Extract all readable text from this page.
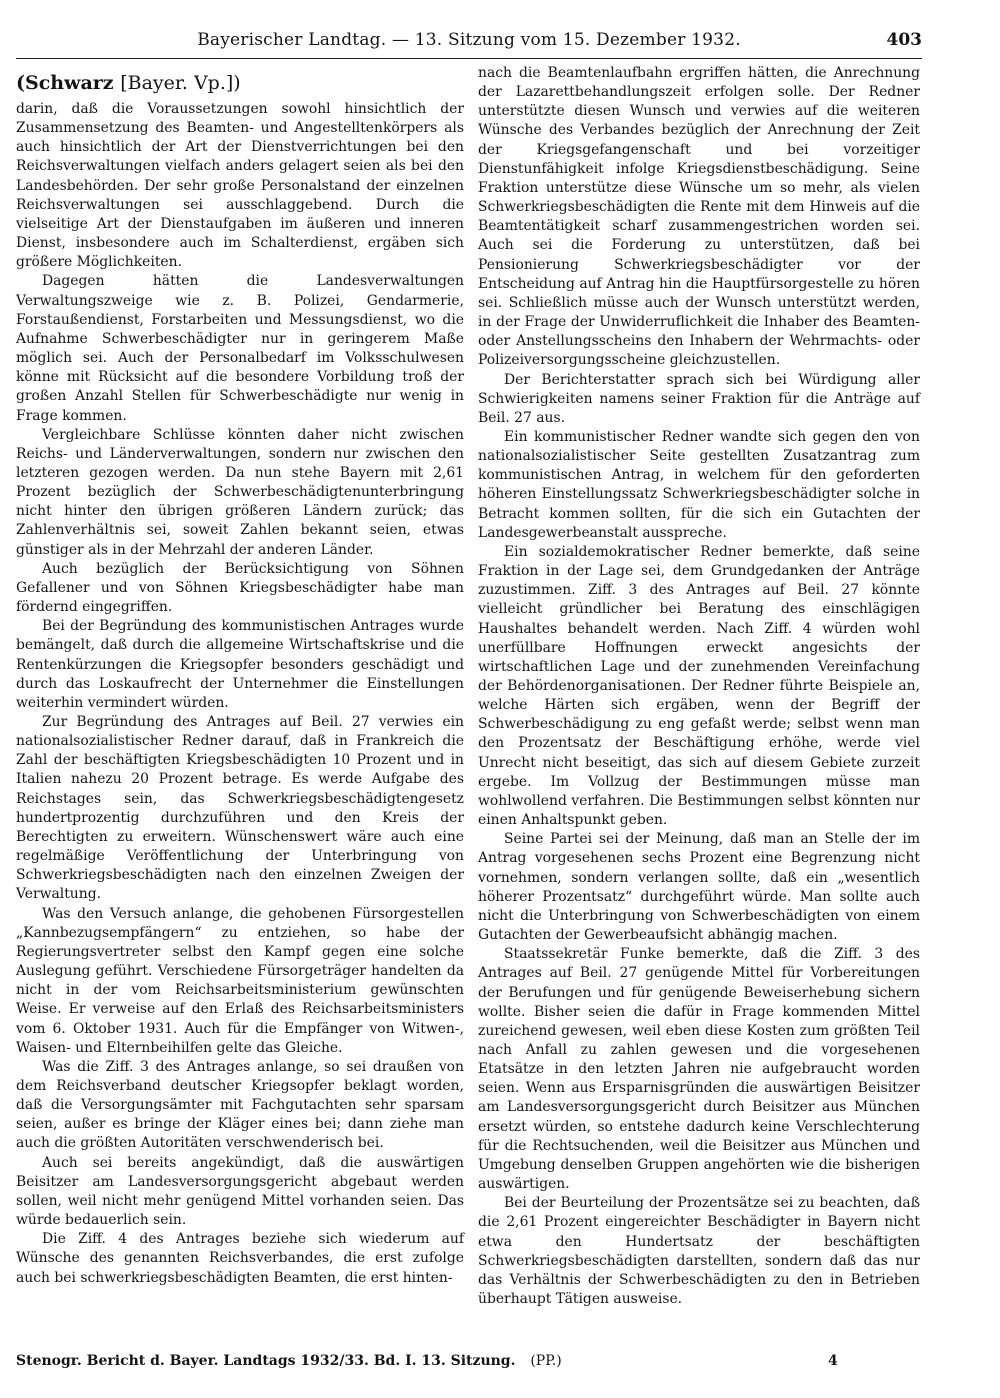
Bayerischer Landtag. — 13. Sitzung vom 15. Dezember 1932.	403
(Schwarz [Bayer. Vp.])

darin, daß die Voraussetzungen sowohl hinsichtlich der Zusammensetzung des Beamten- und Angestelltenkörpers als auch hinsichtlich der Art der Dienstverrichtungen bei den Reichsverwaltungen vielfach anders gelagert seien als bei den Landesbehörden. Der sehr große Personalstand der einzelnen Reichsverwaltungen sei ausschlaggebend. Durch die vielseitige Art der Dienstaufgaben im äußeren und inneren Dienst, insbesondere auch im Schalterdienst, ergäben sich größere Möglichkeiten.

Dagegen hätten die Landesverwaltungen Verwaltungszweige wie z. B. Polizei, Gendarmerie, Forstaußendienst, Forstarbeiten und Messungsdienst, wo die Aufnahme Schwerbeschädigter nur in geringerem Maße möglich sei. Auch der Personalbedarf im Volksschulwesen könne mit Rücksicht auf die besondere Vorbildung troß der großen Anzahl Stellen für Schwerbeschädigte nur wenig in Frage kommen.

Vergleichbare Schlüsse könnten daher nicht zwischen Reichs- und Länderverwaltungen, sondern nur zwischen den letzteren gezogen werden. Da nun stehe Bayern mit 2,61 Prozent bezüglich der Schwerbeschädigtenunterbringung nicht hinter den übrigen größeren Ländern zurück; das Zahlenverhältnis sei, soweit Zahlen bekannt seien, etwas günstiger als in der Mehrzahl der anderen Länder.

Auch bezüglich der Berücksichtigung von Söhnen Gefallener und von Söhnen Kriegsbeschädigter habe man fördernd eingegriffen.

Bei der Begründung des kommunistischen Antrages wurde bemängelt, daß durch die allgemeine Wirtschaftskrise und die Rentenkürzungen die Kriegsopfer besonders geschädigt und durch das Loskaufrecht der Unternehmer die Einstellungen weiterhin vermindert würden.

Zur Begründung des Antrages auf Beil. 27 verwies ein nationalsozialistischer Redner darauf, daß in Frankreich die Zahl der beschäftigten Kriegsbeschädigten 10 Prozent und in Italien nahezu 20 Prozent betrage. Es werde Aufgabe des Reichstages sein, das Schwerkriegsbeschädigtengesetz hundertprozentig durchzuführen und den Kreis der Berechtigten zu erweitern. Wünschenswert wäre auch eine regelmäßige Veröffentlichung der Unterbringung von Schwerkriegsbeschädigten nach den einzelnen Zweigen der Verwaltung.

Was den Versuch anlange, die gehobenen Fürsorgestellen „Kannbezugsempfängern“ zu entziehen, so habe der Regierungsvertreter selbst den Kampf gegen eine solche Auslegung geführt. Verschiedene Fürsorgeträger handelten da nicht in der vom Reichsarbeitsministerium gewünschten Weise. Er verweise auf den Erlaß des Reichsarbeitsministers vom 6. Oktober 1931. Auch für die Empfänger von Witwen-, Waisen- und Elternbeihilfen gelte das Gleiche.

Was die Ziff. 3 des Antrages anlange, so sei draußen von dem Reichsverband deutscher Kriegsopfer beklagt worden, daß die Versorgungsämter mit Fachgutachten sehr sparsam seien, außer es bringe der Kläger eines bei; dann ziehe man auch die größten Autoritäten verschwenderisch bei.

Auch sei bereits angekündigt, daß die auswärtigen Beisitzer am Landesversorgungsgericht abgebaut werden sollen, weil nicht mehr genügend Mittel vorhanden seien. Das würde bedauerlich sein.

Die Ziff. 4 des Antrages beziehe sich wiederum auf Wünsche des genannten Reichsverbandes, die erst zufolge auch bei schwerkriegsbeschädigten Beamten, die erst hinten-

nach die Beamtenlaufbahn ergriffen hätten, die Anrechnung der Lazarettbehandlungszeit erfolgen solle. Der Redner unterstützte diesen Wunsch und verwies auf die weiteren Wünsche des Verbandes bezüglich der Anrechnung der Zeit der Kriegsgefangenschaft und bei vorzeitiger Dienstunfähigkeit infolge Kriegsdienstbeschädigung. Seine Fraktion unterstütze diese Wünsche um so mehr, als vielen Schwerkriegsbeschädigten die Rente mit dem Hinweis auf die Beamtentätigkeit scharf zusammengestrichen worden sei. Auch sei die Forderung zu unterstützen, daß bei Pensionierung Schwerkriegsbeschädigter vor der Entscheidung auf Antrag hin die Hauptfürsorgestelle zu hören sei. Schließlich müsse auch der Wunsch unterstützt werden, in der Frage der Unwiderruflichkeit die Inhaber des Beamten- oder Anstellungsscheins den Inhabern der Wehrmachts- oder Polizeiversorgungsscheine gleichzustellen.

Der Berichterstatter sprach sich bei Würdigung aller Schwierigkeiten namens seiner Fraktion für die Anträge auf Beil. 27 aus.

Ein kommunistischer Redner wandte sich gegen den von nationalsozialistischer Seite gestellten Zusatzantrag zum kommunistischen Antrag, in welchem für den geforderten höheren Einstellungssatz Schwerkriegsbeschädigter solche in Betracht kommen sollten, für die sich ein Gutachten der Landesgewerbeanstalt ausspreche.

Ein sozialdemokratischer Redner bemerkte, daß seine Fraktion in der Lage sei, dem Grundgedanken der Anträge zuzustimmen. Ziff. 3 des Antrages auf Beil. 27 könnte vielleicht gründlicher bei Beratung des einschlägigen Haushaltes behandelt werden. Nach Ziff. 4 würden wohl unerfüllbare Hoffnungen erweckt angesichts der wirtschaftlichen Lage und der zunehmenden Vereinfachung der Behördenorganisationen. Der Redner führte Beispiele an, welche Härten sich ergäben, wenn der Begriff der Schwerbeschädigung zu eng gefaßt werde; selbst wenn man den Prozentsatz der Beschäftigung erhöhe, werde viel Unrecht nicht beseitigt, das sich auf diesem Gebiete zurzeit ergebe. Im Vollzug der Bestimmungen müsse man wohlwollend verfahren. Die Bestimmungen selbst könnten nur einen Anhaltspunkt geben.

Seine Partei sei der Meinung, daß man an Stelle der im Antrag vorgesehenen sechs Prozent eine Begrenzung nicht vornehmen, sondern verlangen sollte, daß ein „wesentlich höherer Prozentsatz“ durchgeführt würde. Man sollte auch nicht die Unterbringung von Schwerbeschädigten von einem Gutachten der Gewerbeaufsicht abhängig machen.

Staatssekretär Funke bemerkte, daß die Ziff. 3 des Antrages auf Beil. 27 genügende Mittel für Vorbereitungen der Berufungen und für genügende Beweiserhebung sichern wollte. Bisher seien die dafür in Frage kommenden Mittel zureichend gewesen, weil eben diese Kosten zum größten Teil nach Anfall zu zahlen gewesen und die vorgesehenen Etatsätze in den letzten Jahren nie aufgebraucht worden seien. Wenn aus Ersparnisgründen die auswärtigen Beisitzer am Landesversorgungsgericht durch Beisitzer aus München ersetzt würden, so entstehe dadurch keine Verschlechterung für die Rechtsuchenden, weil die Beisitzer aus München und Umgebung denselben Gruppen angehörten wie die bisherigen auswärtigen.

Bei der Beurteilung der Prozentsätze sei zu beachten, daß die 2,61 Prozent eingereichter Beschädigter in Bayern nicht etwa den Hundertsatz der beschäftigten Schwerkriegsbeschädigten darstellten, sondern daß das nur das Verhältnis der Schwerbeschädigten zu den in Betrieben überhaupt Tätigen ausweise.

Stenogr. Bericht d. Bayer. Landtags 1932/33. Bd. I. 13. Sitzung. (PP.)	4
